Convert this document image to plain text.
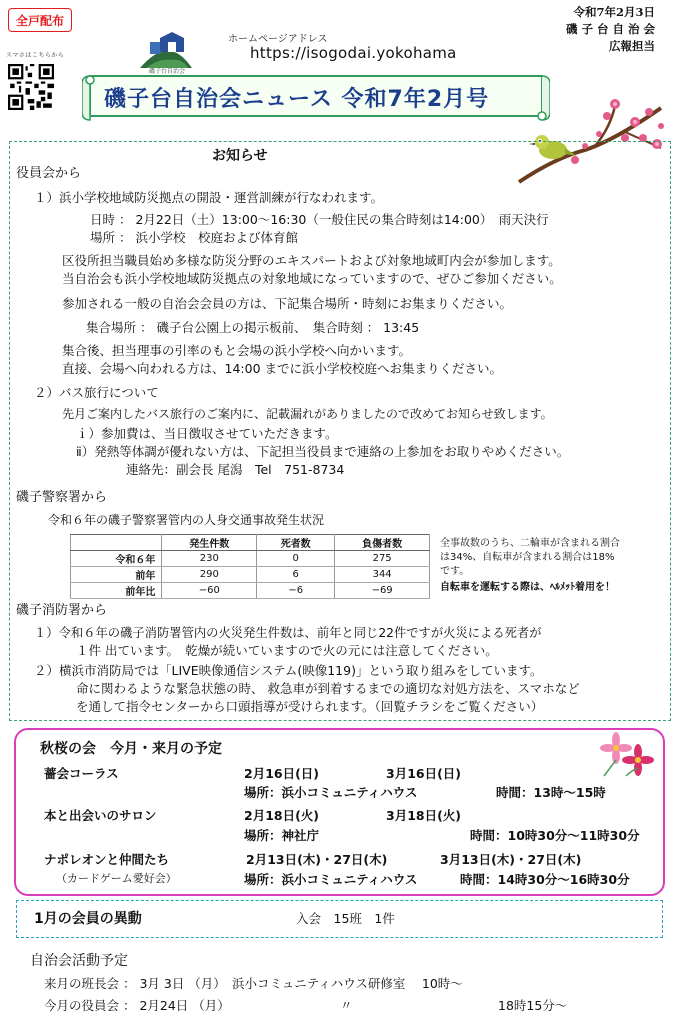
全戸配布
スマホはこちらから
磯子台自治会
ホームページアドレス
https://isogodai.yokohama
令和7年2月3日
磯 子 台 自 治 会
広報担当
磯子台自治会ニュース 令和7年2月号
お知らせ
役員会から
１）浜小学校地域防災拠点の開設・運営訓練が行なわれます。
日時 ： 2月22日（土）13:00～16:30（一般住民の集合時刻は14:00）　雨天決行
場所 ： 浜小学校　校庭および体育館
区役所担当職員始め多様な防災分野のエキスパートおよび対象地域町内会が参加します。
当自治会も浜小学校地域防災拠点の対象地域になっていますので、ぜひご参加ください。
参加される一般の自治会会員の方は、下記集合場所・時刻にお集まりください。
集合場所 ： 磯子台公園上の掲示板前、　集合時刻 ： 13:45
集合後、担当理事の引率のもと会場の浜小学校へ向かいます。
直接、会場へ向われる方は、14:00 までに浜小学校校庭へお集まりください。
２）バス旅行について
先月ご案内したバス旅行のご案内に、記載漏れがありましたので改めてお知らせ致します。
ｉ）参加費は、当日徴収させていただきます。
ⅱ）発熱等体調が優れない方は、下記担当役員まで連絡の上参加をお取りやめください。
連絡先：副会長 尾潟　Tel　751-8734
磯子警察署から
令和６年の磯子警察署管内の人身交通事故発生状況
	発生件数	死者数	負傷者数
令和６年	230	0	275
前年	290	6	344
前年比	−60	−6	−69
全事故数のうち、二輪車が含まれる割合
は34%、自転車が含まれる割合は18%
です。
自転車を運転する際は、ﾍﾙﾒｯﾄ着用を！
磯子消防署から
１）令和６年の磯子消防署管内の火災発生件数は、前年と同じ22件ですが火災による死者が
１件 出ています。　乾燥が続いていますので火の元には注意してください。
２）横浜市消防局では「LIVE映像通信システム(映像119)」という取り組みをしています。
命に関わるような緊急状態の時、 救急車が到着するまでの適切な対処方法を、スマホなど
を通して指令センターから口頭指導が受けられます。（回覧チラシをご覧ください）
秋桜の会　今月・来月の予定
薔会コーラス	2月16日(日)	3月16日(日)
場所：浜小コミュニティハウス	時間：13時～15時
本と出会いのサロン	2月18日(火)	3月18日(火)
場所：神社庁	時間：10時30分～11時30分
ナポレオンと仲間たち	2月13日(木)・27日(木)	3月13日(木)・27日(木)
（カードゲーム愛好会）	場所：浜小コミュニティハウス	時間：14時30分～16時30分
1月の会員の異動	入会　15班　1件
自治会活動予定
来月の班長会 ： 3月 3日 （月）　浜小コミュニティハウス研修室　 10時～
今月の役員会 ： 2月24日 （月）	〃	18時15分～
